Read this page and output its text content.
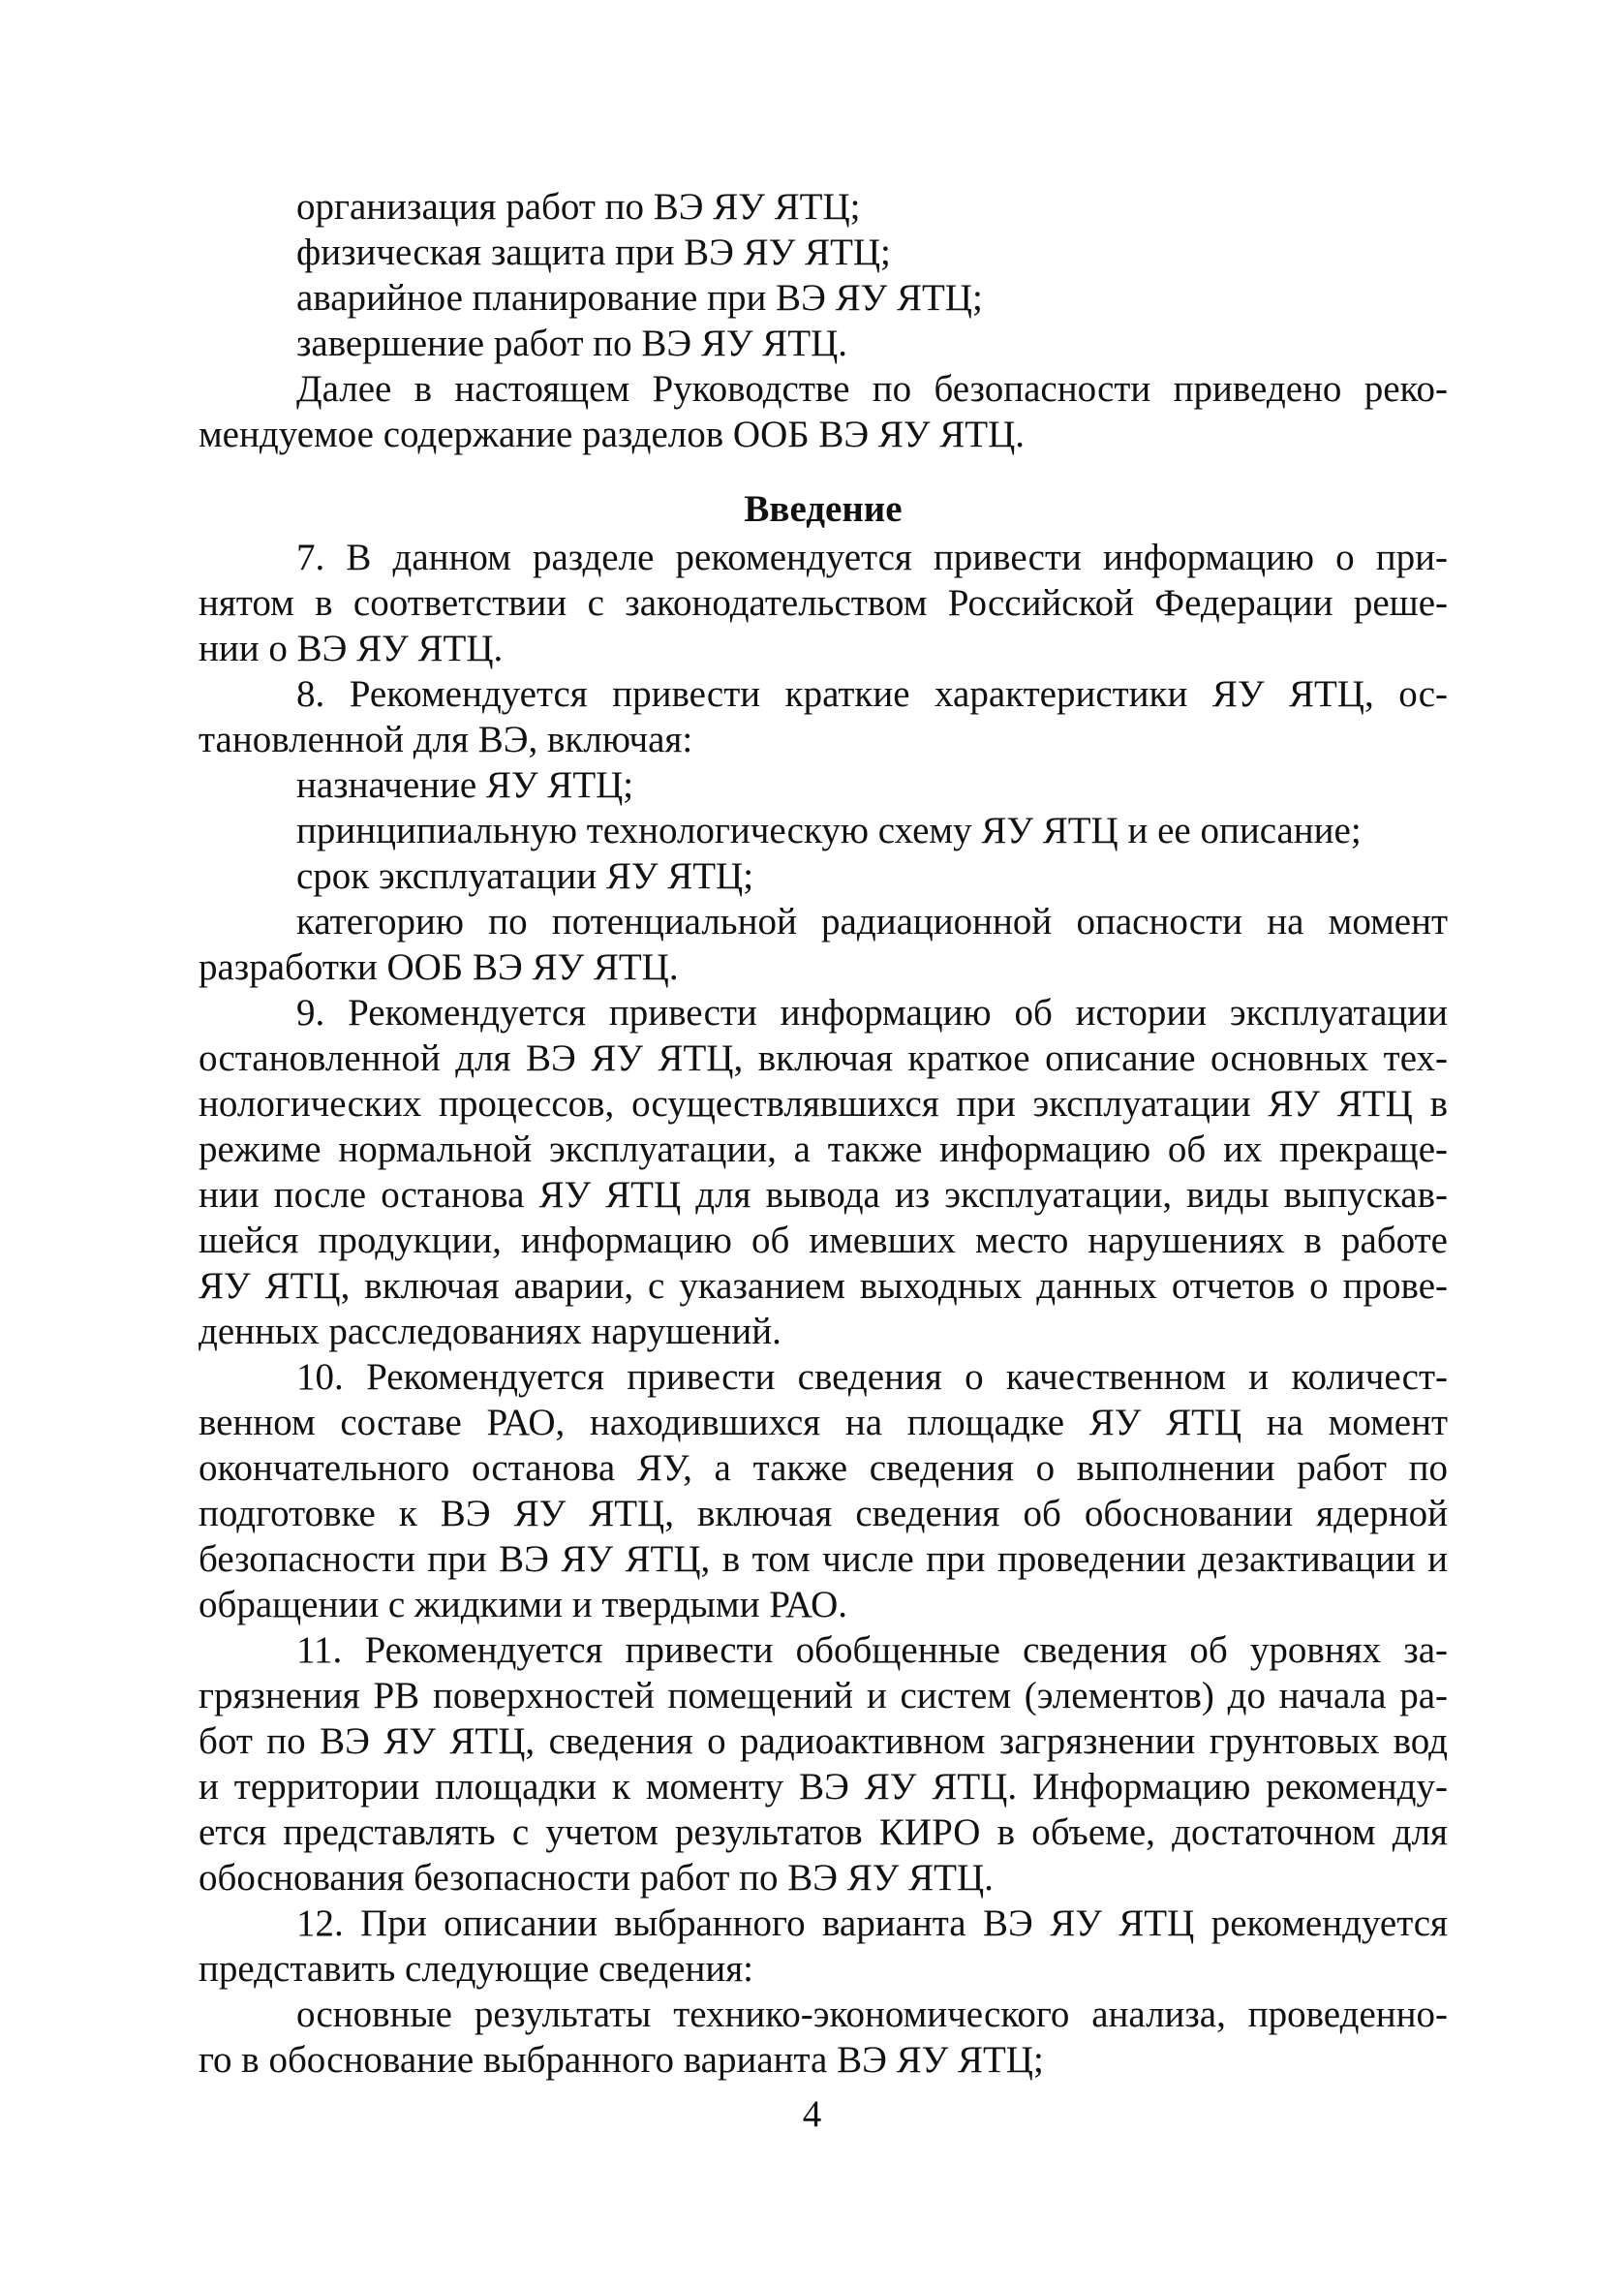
организация работ по ВЭ ЯУ ЯТЦ;
физическая защита при ВЭ ЯУ ЯТЦ;
аварийное планирование при ВЭ ЯУ ЯТЦ;
завершение работ по ВЭ ЯУ ЯТЦ.
Далее в настоящем Руководстве по безопасности приведено реко-
мендуемое содержание разделов ООБ ВЭ ЯУ ЯТЦ.
Введение
7. В данном разделе рекомендуется привести информацию о при-
нятом в соответствии с законодательством Российской Федерации реше-
нии о ВЭ ЯУ ЯТЦ.
8. Рекомендуется привести краткие характеристики ЯУ ЯТЦ, ос-
тановленной для ВЭ, включая:
назначение ЯУ ЯТЦ;
принципиальную технологическую схему ЯУ ЯТЦ и ее описание;
срок эксплуатации ЯУ ЯТЦ;
категорию по потенциальной радиационной опасности на момент
разработки ООБ ВЭ ЯУ ЯТЦ.
9. Рекомендуется привести информацию об истории эксплуатации
остановленной для ВЭ ЯУ ЯТЦ, включая краткое описание основных тех-
нологических процессов, осуществлявшихся при эксплуатации ЯУ ЯТЦ в
режиме нормальной эксплуатации, а также информацию об их прекраще-
нии после останова ЯУ ЯТЦ для вывода из эксплуатации, виды выпускав-
шейся продукции, информацию об имевших место нарушениях в работе
ЯУ ЯТЦ, включая аварии, с указанием выходных данных отчетов о прове-
денных расследованиях нарушений.
10. Рекомендуется привести сведения о качественном и количест-
венном составе РАО, находившихся на площадке ЯУ ЯТЦ на момент
окончательного останова ЯУ, а также сведения о выполнении работ по
подготовке к ВЭ ЯУ ЯТЦ, включая сведения об обосновании ядерной
безопасности при ВЭ ЯУ ЯТЦ, в том числе при проведении дезактивации и
обращении с жидкими и твердыми РАО.
11. Рекомендуется привести обобщенные сведения об уровнях за-
грязнения РВ поверхностей помещений и систем (элементов) до начала ра-
бот по ВЭ ЯУ ЯТЦ, сведения о радиоактивном загрязнении грунтовых вод
и территории площадки к моменту ВЭ ЯУ ЯТЦ. Информацию рекоменду-
ется представлять с учетом результатов КИРО в объеме, достаточном для
обоснования безопасности работ по ВЭ ЯУ ЯТЦ.
12. При описании выбранного варианта ВЭ ЯУ ЯТЦ рекомендуется
представить следующие сведения:
основные результаты технико-экономического анализа, проведенно-
го в обоснование выбранного варианта ВЭ ЯУ ЯТЦ;
4
